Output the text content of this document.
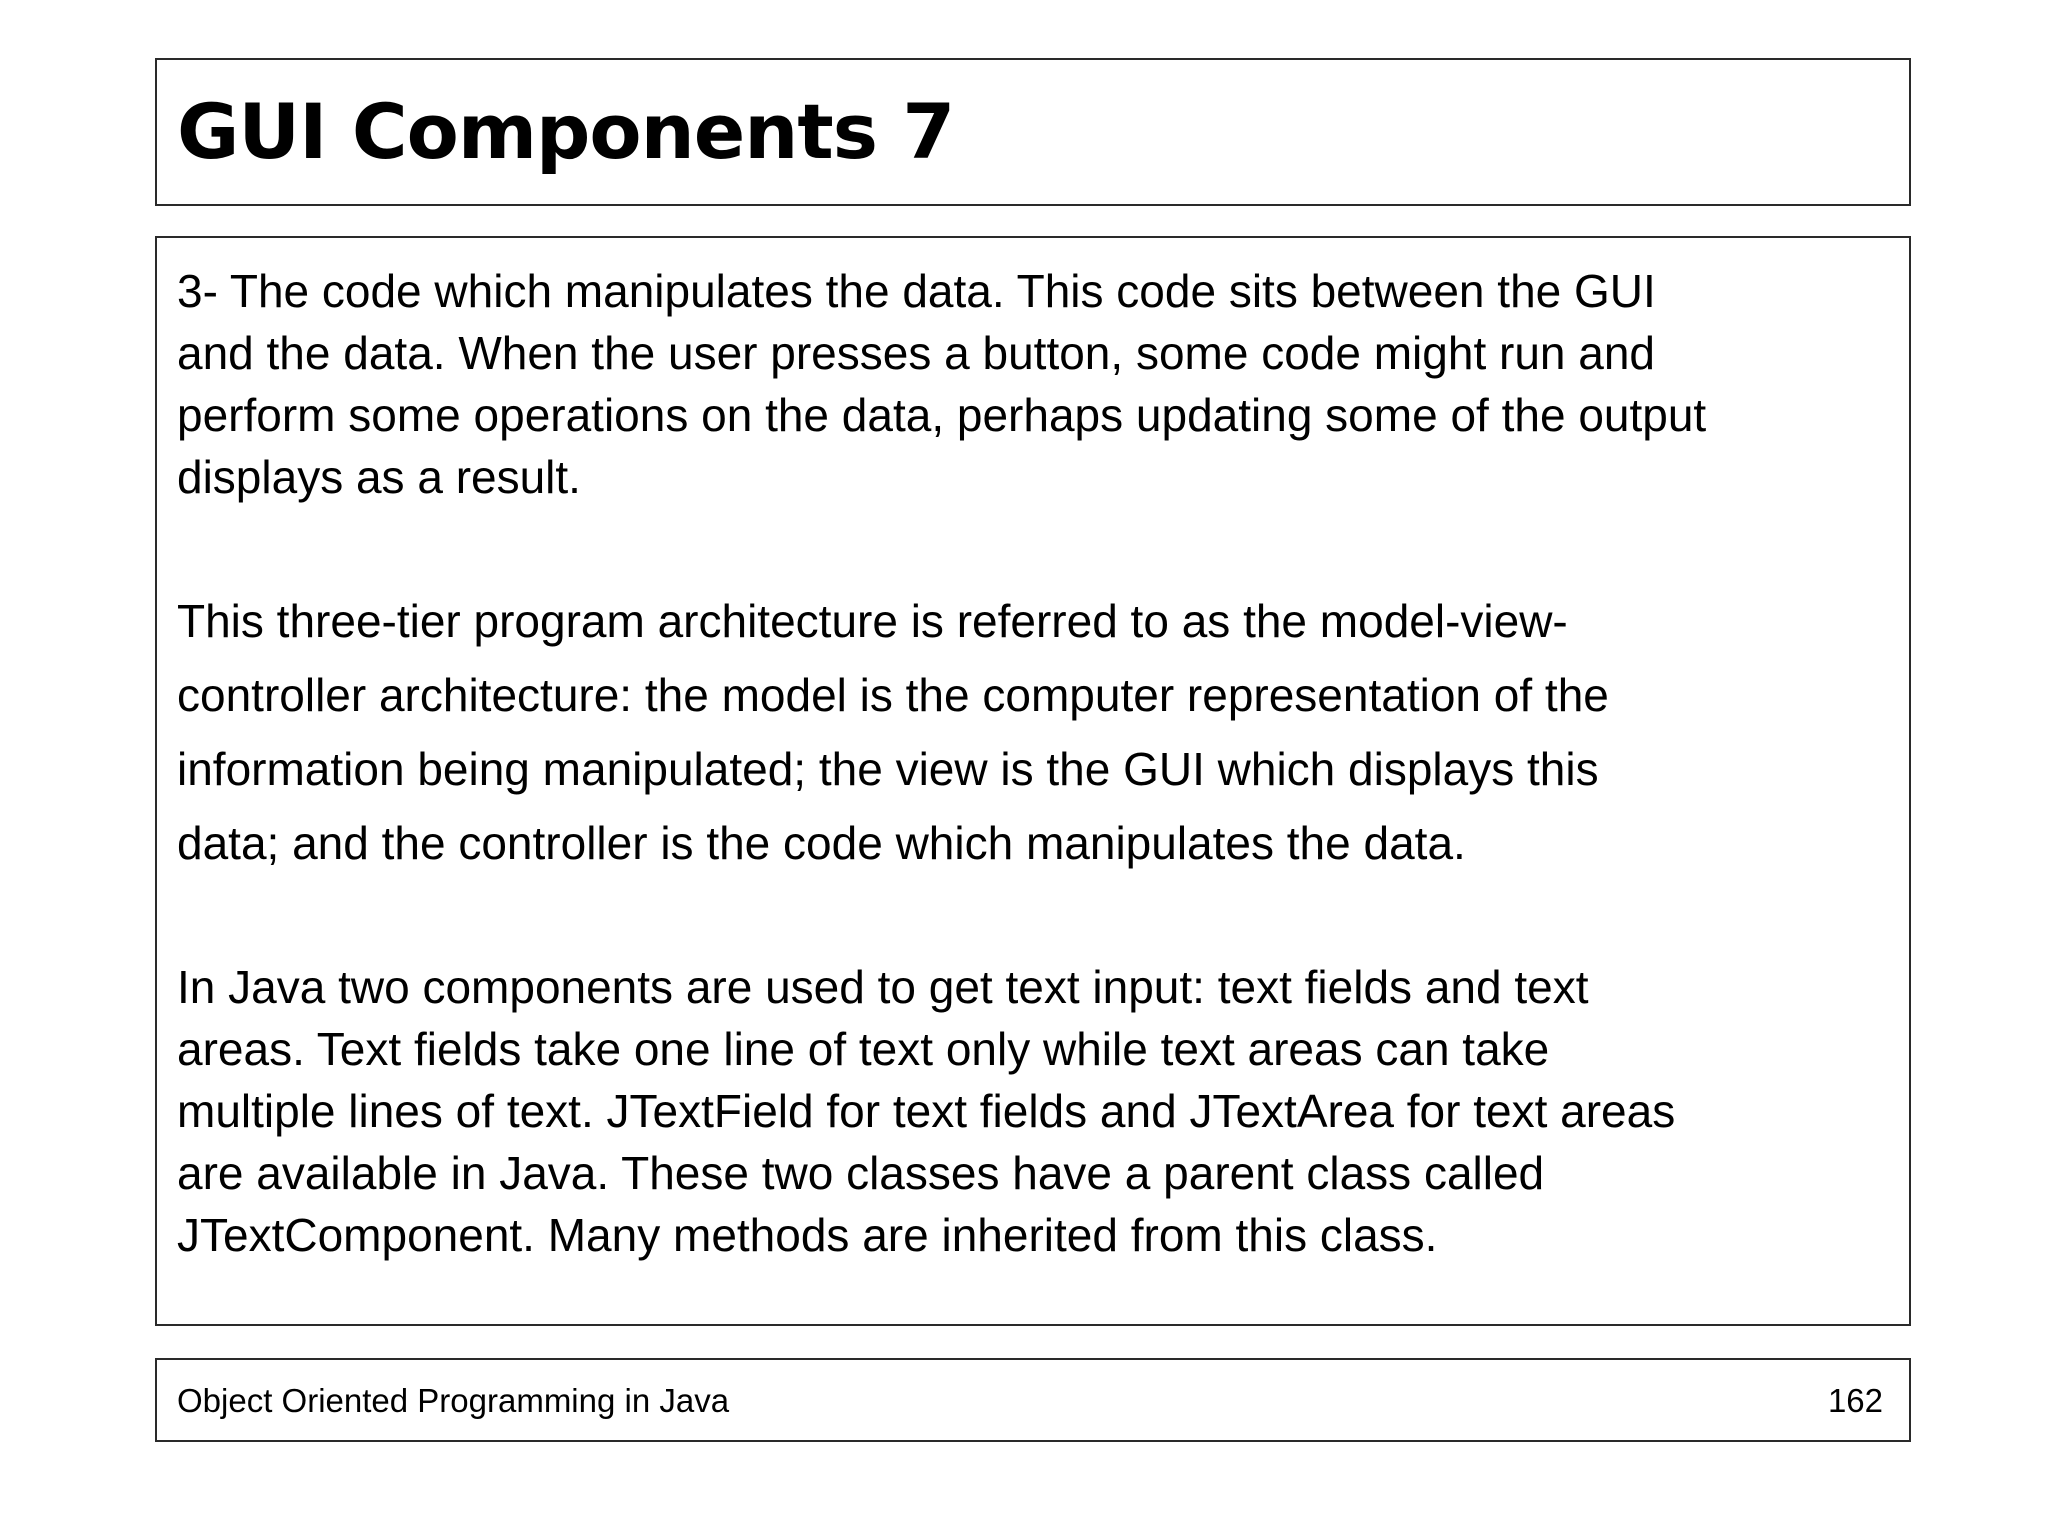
GUI Components 7

3- The code which manipulates the data. This code sits between the GUI
and the data. When the user presses a button, some code might run and
perform some operations on the data, perhaps updating some of the output
displays as a result.

This three-tier program architecture is referred to as the model-view-
controller architecture: the model is the computer representation of the
information being manipulated; the view is the GUI which displays this
data; and the controller is the code which manipulates the data.

In Java two components are used to get text input: text fields and text
areas. Text fields take one line of text only while text areas can take
multiple lines of text. JTextField for text fields and JTextArea for text areas
are available in Java. These two classes have a parent class called
JTextComponent. Many methods are inherited from this class.

Object Oriented Programming in Java	162
